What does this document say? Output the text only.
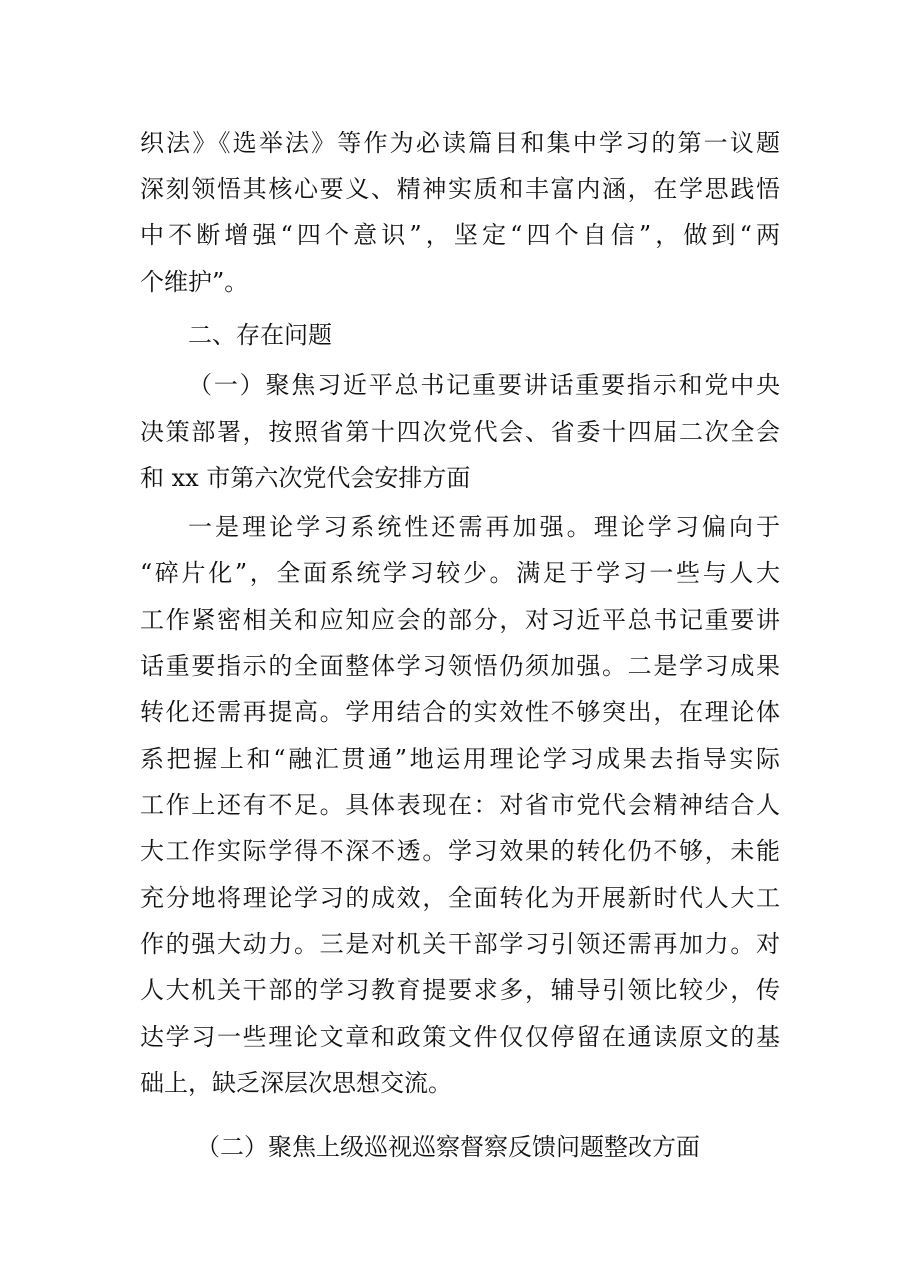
织法》《选举法》等作为必读篇目和集中学习的第一议题
深刻领悟其核心要义、精神实质和丰富内涵，在学思践悟
中不断增强“四个意识”，坚定“四个自信”，做到“两
个维护”。
二、存在问题
（一）聚焦习近平总书记重要讲话重要指示和党中央
决策部署，按照省第十四次党代会、省委十四届二次全会
和 xx 市第六次党代会安排方面
一是理论学习系统性还需再加强。理论学习偏向于
“碎片化”，全面系统学习较少。满足于学习一些与人大
工作紧密相关和应知应会的部分，对习近平总书记重要讲
话重要指示的全面整体学习领悟仍须加强。二是学习成果
转化还需再提高。学用结合的实效性不够突出，在理论体
系把握上和“融汇贯通”地运用理论学习成果去指导实际
工作上还有不足。具体表现在：对省市党代会精神结合人
大工作实际学得不深不透。学习效果的转化仍不够，未能
充分地将理论学习的成效，全面转化为开展新时代人大工
作的强大动力。三是对机关干部学习引领还需再加力。对
人大机关干部的学习教育提要求多，辅导引领比较少，传
达学习一些理论文章和政策文件仅仅停留在通读原文的基
础上，缺乏深层次思想交流。
（二）聚焦上级巡视巡察督察反馈问题整改方面
